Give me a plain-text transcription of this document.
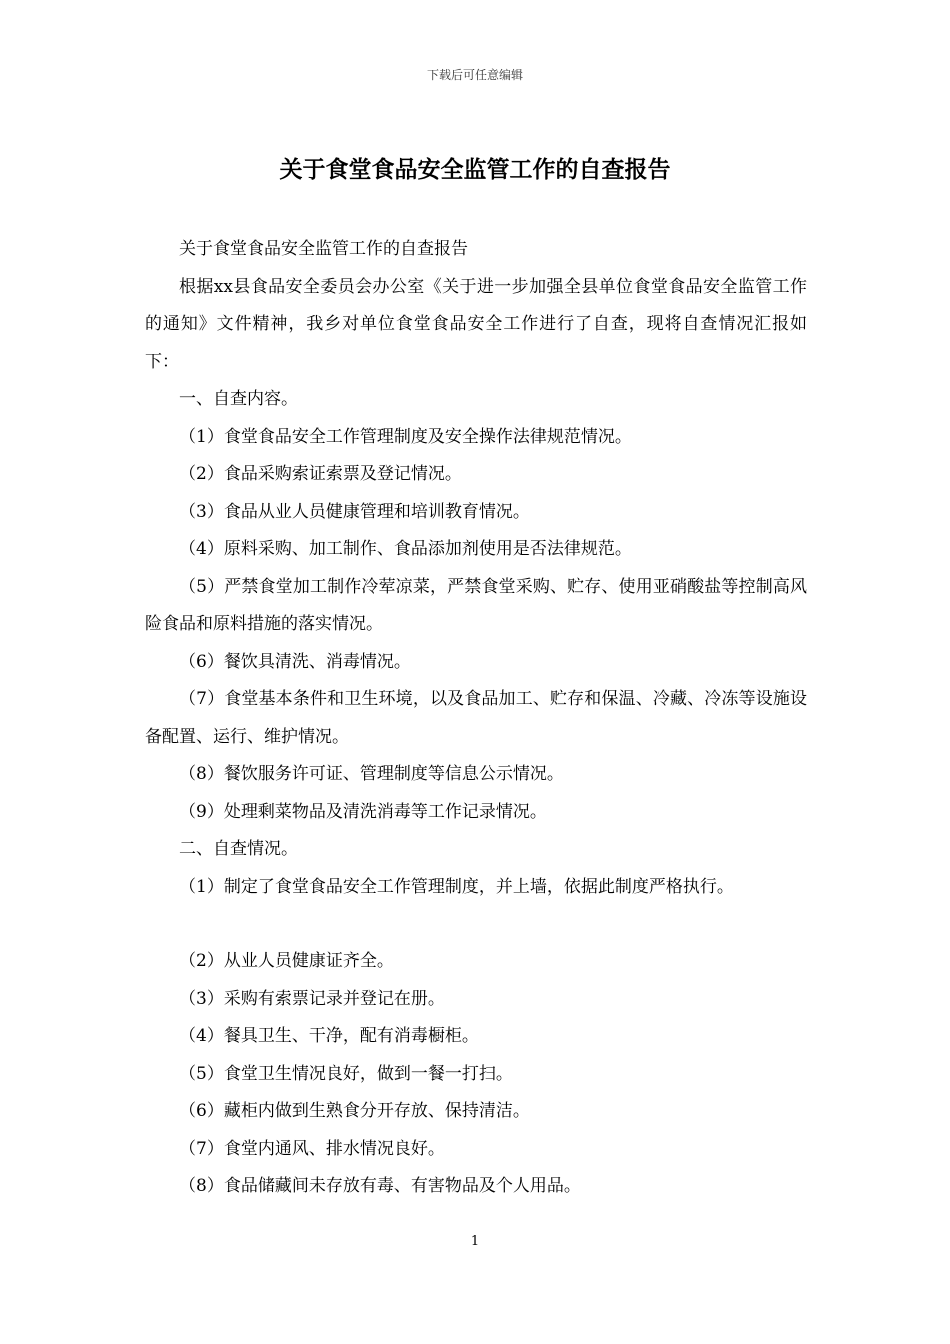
下载后可任意编辑
关于食堂食品安全监管工作的自查报告

关于食堂食品安全监管工作的自查报告

根据xx县食品安全委员会办公室《关于进一步加强全县单位食堂食品安全监管工作的通知》文件精神，我乡对单位食堂食品安全工作进行了自查，现将自查情况汇报如下：

一、自查内容。

（1）食堂食品安全工作管理制度及安全操作法律规范情况。

（2）食品采购索证索票及登记情况。

（3）食品从业人员健康管理和培训教育情况。

（4）原料采购、加工制作、食品添加剂使用是否法律规范。

（5）严禁食堂加工制作冷荤凉菜，严禁食堂采购、贮存、使用亚硝酸盐等控制高风险食品和原料措施的落实情况。

（6）餐饮具清洗、消毒情况。

（7）食堂基本条件和卫生环境，以及食品加工、贮存和保温、冷藏、冷冻等设施设备配置、运行、维护情况。

（8）餐饮服务许可证、管理制度等信息公示情况。

（9）处理剩菜物品及清洗消毒等工作记录情况。

二、自查情况。

（1）制定了食堂食品安全工作管理制度，并上墙，依据此制度严格执行。

（2）从业人员健康证齐全。

（3）采购有索票记录并登记在册。

（4）餐具卫生、干净，配有消毒橱柜。

（5）食堂卫生情况良好，做到一餐一打扫。

（6）藏柜内做到生熟食分开存放、保持清洁。

（7）食堂内通风、排水情况良好。

（8）食品储藏间未存放有毒、有害物品及个人用品。

1
